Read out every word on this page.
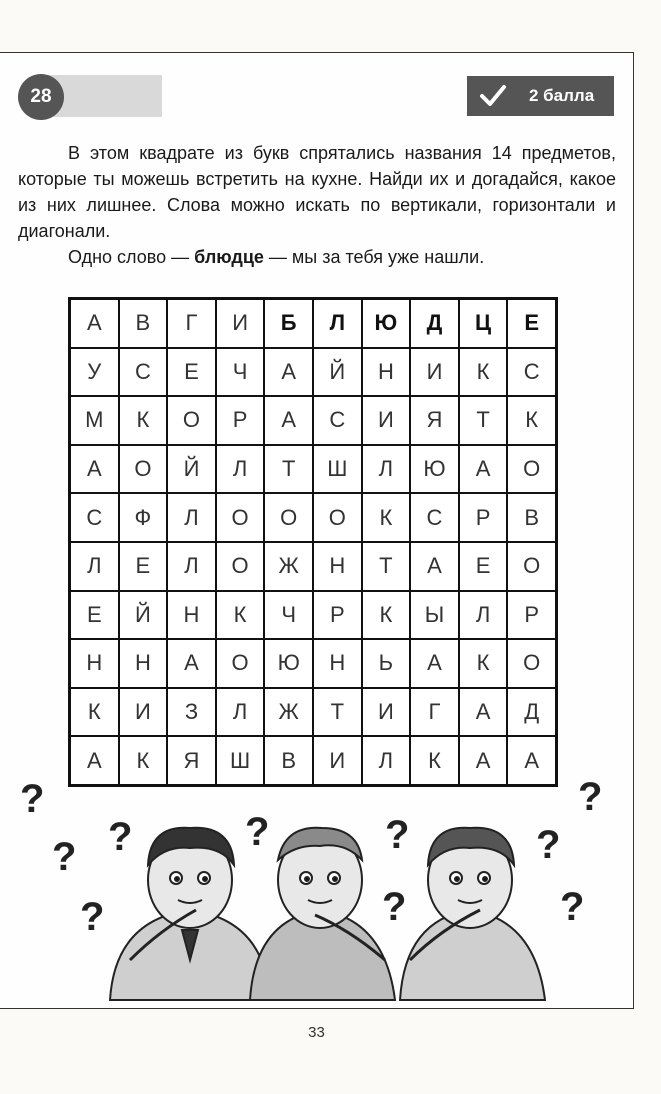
28	2 балла

В этом квадрате из букв спрятались названия 14 предметов, которые ты можешь встретить на кухне. Найди их и догадайся, какое из них лишнее. Слова можно искать по вертикали, горизонтали и диагонали.

Одно слово — блюдце — мы за тебя уже нашли.

А	В	Г	И	Б	Л	Ю	Д	Ц	Е
У	С	Е	Ч	А	Й	Н	И	К	С
М	К	О	Р	А	С	И	Я	Т	К
А	О	Й	Л	Т	Ш	Л	Ю	А	О
С	Ф	Л	О	О	О	К	С	Р	В
Л	Е	Л	О	Ж	Н	Т	А	Е	О
Е	Й	Н	К	Ч	Р	К	Ы	Л	Р
Н	Н	А	О	Ю	Н	Ь	А	К	О
К	И	З	Л	Ж	Т	И	Г	А	Д
А	К	Я	Ш	В	И	Л	К	А	А
?
?
?
?
?	?
?
?
?
?
33
